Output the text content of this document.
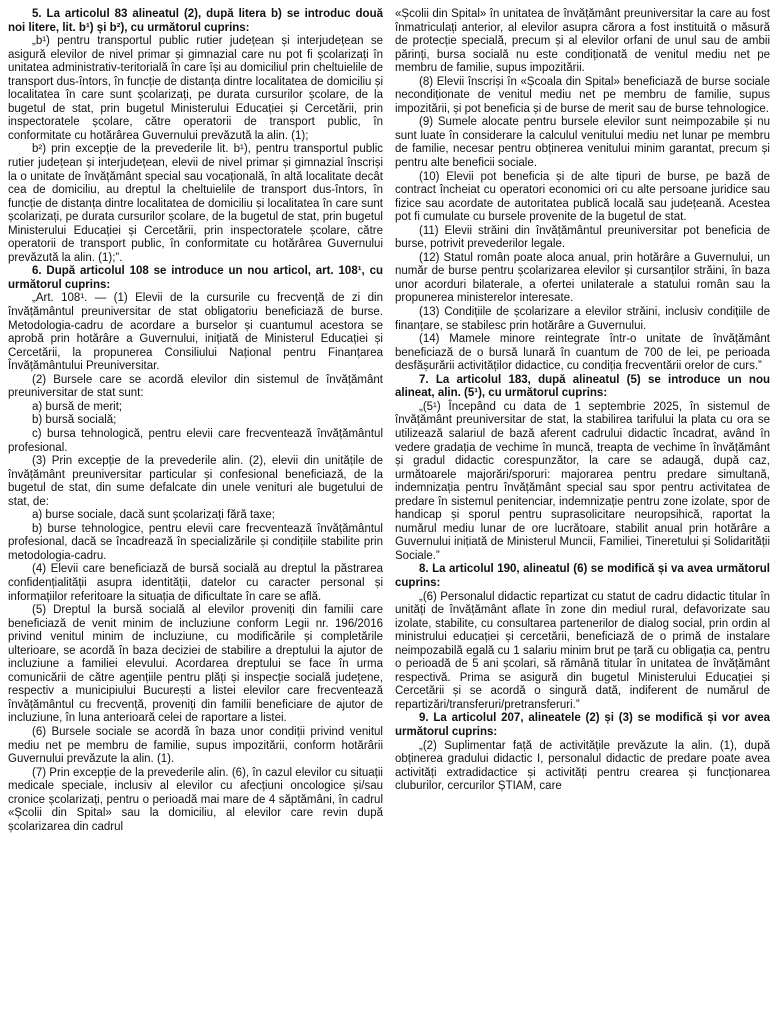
5. La articolul 83 alineatul (2), după litera b) se introduc două noi litere, lit. b¹) și b²), cu următorul cuprins:

„b¹) pentru transportul public rutier județean și interjudețean se asigură elevilor de nivel primar și gimnazial care nu pot fi școlarizați în unitatea administrativ-teritorială în care își au domiciliul prin cheltuielile de transport dus-întors, în funcție de distanța dintre localitatea de domiciliu și localitatea în care sunt școlarizați, pe durata cursurilor școlare, de la bugetul de stat, prin bugetul Ministerului Educației și Cercetării, prin inspectoratele școlare, către operatorii de transport public, în conformitate cu hotărârea Guvernului prevăzută la alin. (1);

b²) prin excepție de la prevederile lit. b¹), pentru transportul public rutier județean și interjudețean, elevii de nivel primar și gimnazial înscriși la o unitate de învățământ special sau vocațională, în altă localitate decât cea de domiciliu, au dreptul la cheltuielile de transport dus-întors, în funcție de distanța dintre localitatea de domiciliu și localitatea în care sunt școlarizați, pe durata cursurilor școlare, de la bugetul de stat, prin bugetul Ministerului Educației și Cercetării, prin inspectoratele școlare, către operatorii de transport public, în conformitate cu hotărârea Guvernului prevăzută la alin. (1);”.

6. După articolul 108 se introduce un nou articol, art. 108¹, cu următorul cuprins:

„Art. 108¹. — (1) Elevii de la cursurile cu frecvență de zi din învățământul preuniversitar de stat obligatoriu beneficiază de burse. Metodologia-cadru de acordare a burselor și cuantumul acestora se aprobă prin hotărâre a Guvernului, inițiată de Ministerul Educației și Cercetării, la propunerea Consiliului Național pentru Finanțarea Învățământului Preuniversitar.

(2) Bursele care se acordă elevilor din sistemul de învățământ preuniversitar de stat sunt:

a) bursă de merit;

b) bursă socială;

c) bursa tehnologică, pentru elevii care frecventează învățământul profesional.

(3) Prin excepție de la prevederile alin. (2), elevii din unitățile de învățământ preuniversitar particular și confesional beneficiază, de la bugetul de stat, din sume defalcate din unele venituri ale bugetului de stat, de:

a) burse sociale, dacă sunt școlarizați fără taxe;

b) burse tehnologice, pentru elevii care frecventează învățământul profesional, dacă se încadrează în specializările și condițiile stabilite prin metodologia-cadru.

(4) Elevii care beneficiază de bursă socială au dreptul la păstrarea confidențialității asupra identității, datelor cu caracter personal și informațiilor referitoare la situația de dificultate în care se află.

(5) Dreptul la bursă socială al elevilor proveniți din familii care beneficiază de venit minim de incluziune conform Legii nr. 196/2016 privind venitul minim de incluziune, cu modificările și completările ulterioare, se acordă în baza deciziei de stabilire a dreptului la ajutor de incluziune a familiei elevului. Acordarea dreptului se face în urma comunicării de către agențiile pentru plăți și inspecție socială județene, respectiv a municipiului București a listei elevilor care frecventează învățământul cu frecvență, proveniți din familii beneficiare de ajutor de incluziune, în luna anterioară celei de raportare a listei.

(6) Bursele sociale se acordă în baza unor condiții privind venitul mediu net pe membru de familie, supus impozitării, conform hotărârii Guvernului prevăzute la alin. (1).

(7) Prin excepție de la prevederile alin. (6), în cazul elevilor cu situații medicale speciale, inclusiv al elevilor cu afecțiuni oncologice și/sau cronice școlarizați, pentru o perioadă mai mare de 4 săptămâni, în cadrul «Școlii din Spital» sau la domiciliu, al elevilor care revin după școlarizarea din cadrul

«Școlii din Spital» în unitatea de învățământ preuniversitar la care au fost înmatriculați anterior, al elevilor asupra cărora a fost instituită o măsură de protecție specială, precum și al elevilor orfani de unul sau de ambii părinți, bursa socială nu este condiționată de venitul mediu net pe membru de familie, supus impozitării.

(8) Elevii înscriși în «Școala din Spital» beneficiază de burse sociale necondiționate de venitul mediu net pe membru de familie, supus impozitării, și pot beneficia și de burse de merit sau de burse tehnologice.

(9) Sumele alocate pentru bursele elevilor sunt neimpozabile și nu sunt luate în considerare la calculul venitului mediu net lunar pe membru de familie, necesar pentru obținerea venitului minim garantat, precum și pentru alte beneficii sociale.

(10) Elevii pot beneficia și de alte tipuri de burse, pe bază de contract încheiat cu operatori economici ori cu alte persoane juridice sau fizice sau acordate de autoritatea publică locală sau județeană. Acestea pot fi cumulate cu bursele provenite de la bugetul de stat.

(11) Elevii străini din învățământul preuniversitar pot beneficia de burse, potrivit prevederilor legale.

(12) Statul român poate aloca anual, prin hotărâre a Guvernului, un număr de burse pentru școlarizarea elevilor și cursanților străini, în baza unor acorduri bilaterale, a ofertei unilaterale a statului român sau la propunerea ministerelor interesate.

(13) Condițiile de școlarizare a elevilor străini, inclusiv condițiile de finanțare, se stabilesc prin hotărâre a Guvernului.

(14) Mamele minore reintegrate într-o unitate de învățământ beneficiază de o bursă lunară în cuantum de 700 de lei, pe perioada desfășurării activităților didactice, cu condiția frecventării orelor de curs.”

7. La articolul 183, după alineatul (5) se introduce un nou alineat, alin. (5¹), cu următorul cuprins:

„(5¹) Începând cu data de 1 septembrie 2025, în sistemul de învățământ preuniversitar de stat, la stabilirea tarifului la plata cu ora se utilizează salariul de bază aferent cadrului didactic încadrat, având în vedere gradația de vechime în muncă, treapta de vechime în învățământ și gradul didactic corespunzător, la care se adaugă, după caz, următoarele majorări/sporuri: majorarea pentru predare simultană, indemnizația pentru învățământ special sau spor pentru activitatea de predare în sistemul penitenciar, indemnizație pentru zone izolate, spor de handicap și sporul pentru suprasolicitare neuropsihică, raportat la numărul mediu lunar de ore lucrătoare, stabilit anual prin hotărâre a Guvernului inițiată de Ministerul Muncii, Familiei, Tineretului și Solidarității Sociale.”

8. La articolul 190, alineatul (6) se modifică și va avea următorul cuprins:

„(6) Personalul didactic repartizat cu statut de cadru didactic titular în unități de învățământ aflate în zone din mediul rural, defavorizate sau izolate, stabilite, cu consultarea partenerilor de dialog social, prin ordin al ministrului educației și cercetării, beneficiază de o primă de instalare neimpozabilă egală cu 1 salariu minim brut pe țară cu obligația ca, pentru o perioadă de 5 ani școlari, să rămână titular în unitatea de învățământ respectivă. Prima se asigură din bugetul Ministerului Educației și Cercetării și se acordă o singură dată, indiferent de numărul de repartizări/transferuri/pretransferuri.”

9. La articolul 207, alineatele (2) și (3) se modifică și vor avea următorul cuprins:

„(2) Suplimentar față de activitățile prevăzute la alin. (1), după obținerea gradului didactic I, personalul didactic de predare poate avea activități extradidactice și activități pentru crearea și funcționarea cluburilor, cercurilor ȘTIAM, care
